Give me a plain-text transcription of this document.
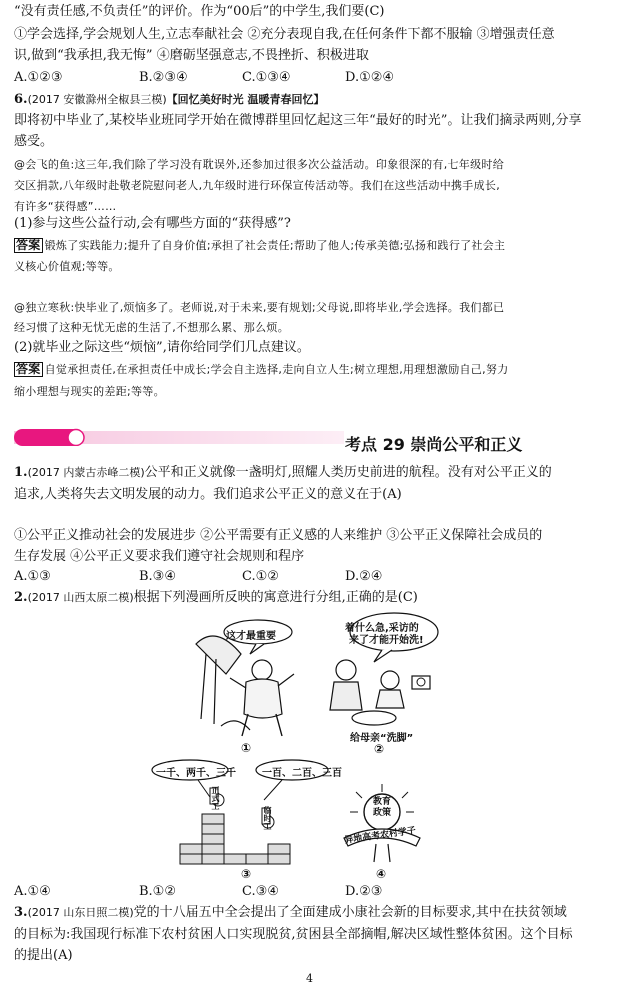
“没有责任感,不负责任”的评价。作为“00后”的中学生,我们要(C)
①学会选择,学会规划人生,立志奉献社会 ②充分表现自我,在任何条件下都不服输 ③增强责任意
识,做到“我承担,我无悔” ④磨砺坚强意志,不畏挫折、积极进取
A.①②③	B.②③④	C.①③④	D.①②④
6.(2017 安徽滁州全椒县三模)【回忆美好时光 温暖青春回忆】
即将初中毕业了,某校毕业班同学开始在微博群里回忆起这三年“最好的时光”。让我们摘录两则,分享
感受。
@会飞的鱼:这三年,我们除了学习没有耽误外,还参加过很多次公益活动。印象很深的有,七年级时给
交区捐款,八年级时赴敬老院慰问老人,九年级时进行环保宣传活动等。我们在这些活动中携手成长,
有许多“获得感”……
(1)参与这些公益行动,会有哪些方面的“获得感”?
答案 锻炼了实践能力;提升了自身价值;承担了社会责任;帮助了他人;传承美德;弘扬和践行了社会主
义核心价值观;等等。
@独立寒秋:快毕业了,烦恼多了。老师说,对于未来,要有规划;父母说,即将毕业,学会选择。我们都已
经习惯了这种无忧无虑的生活了,不想那么累、那么烦。
(2)就毕业之际这些“烦恼”,请你给同学们几点建议。
答案 自觉承担责任,在承担责任中成长;学会自主选择,走向自立人生;树立理想,用理想激励自己,努力
缩小理想与现实的差距;等等。
考点 29 崇尚公平和正义
1.(2017 内蒙古赤峰二模)公平和正义就像一盏明灯,照耀人类历史前进的航程。没有对公平正义的
追求,人类将失去文明发展的动力。我们追求公平正义的意义在于(A)
①公平正义推动社会的发展进步 ②公平需要有正义感的人来维护 ③公平正义保障社会成员的
生存发展 ④公平正义要求我们遵守社会规则和程序
A.①③	B.③④	C.①②	D.②④
2.(2017 山西太原二模)根据下列漫画所反映的寓意进行分组,正确的是(C)
这才最重要
①
着什么急,采访的
来了才能开始洗!
给母亲“洗脚”
②
一千、两千、三千	一百、二百、三百
正式工
临时工
③
教育政策
异地高考农村学子
④
A.①④	B.①②	C.③④	D.②③
3.(2017 山东日照二模)党的十八届五中全会提出了全面建成小康社会新的目标要求,其中在扶贫领域
的目标为:我国现行标准下农村贫困人口实现脱贫,贫困县全部摘帽,解决区域性整体贫困。这个目标
的提出(A)
4
